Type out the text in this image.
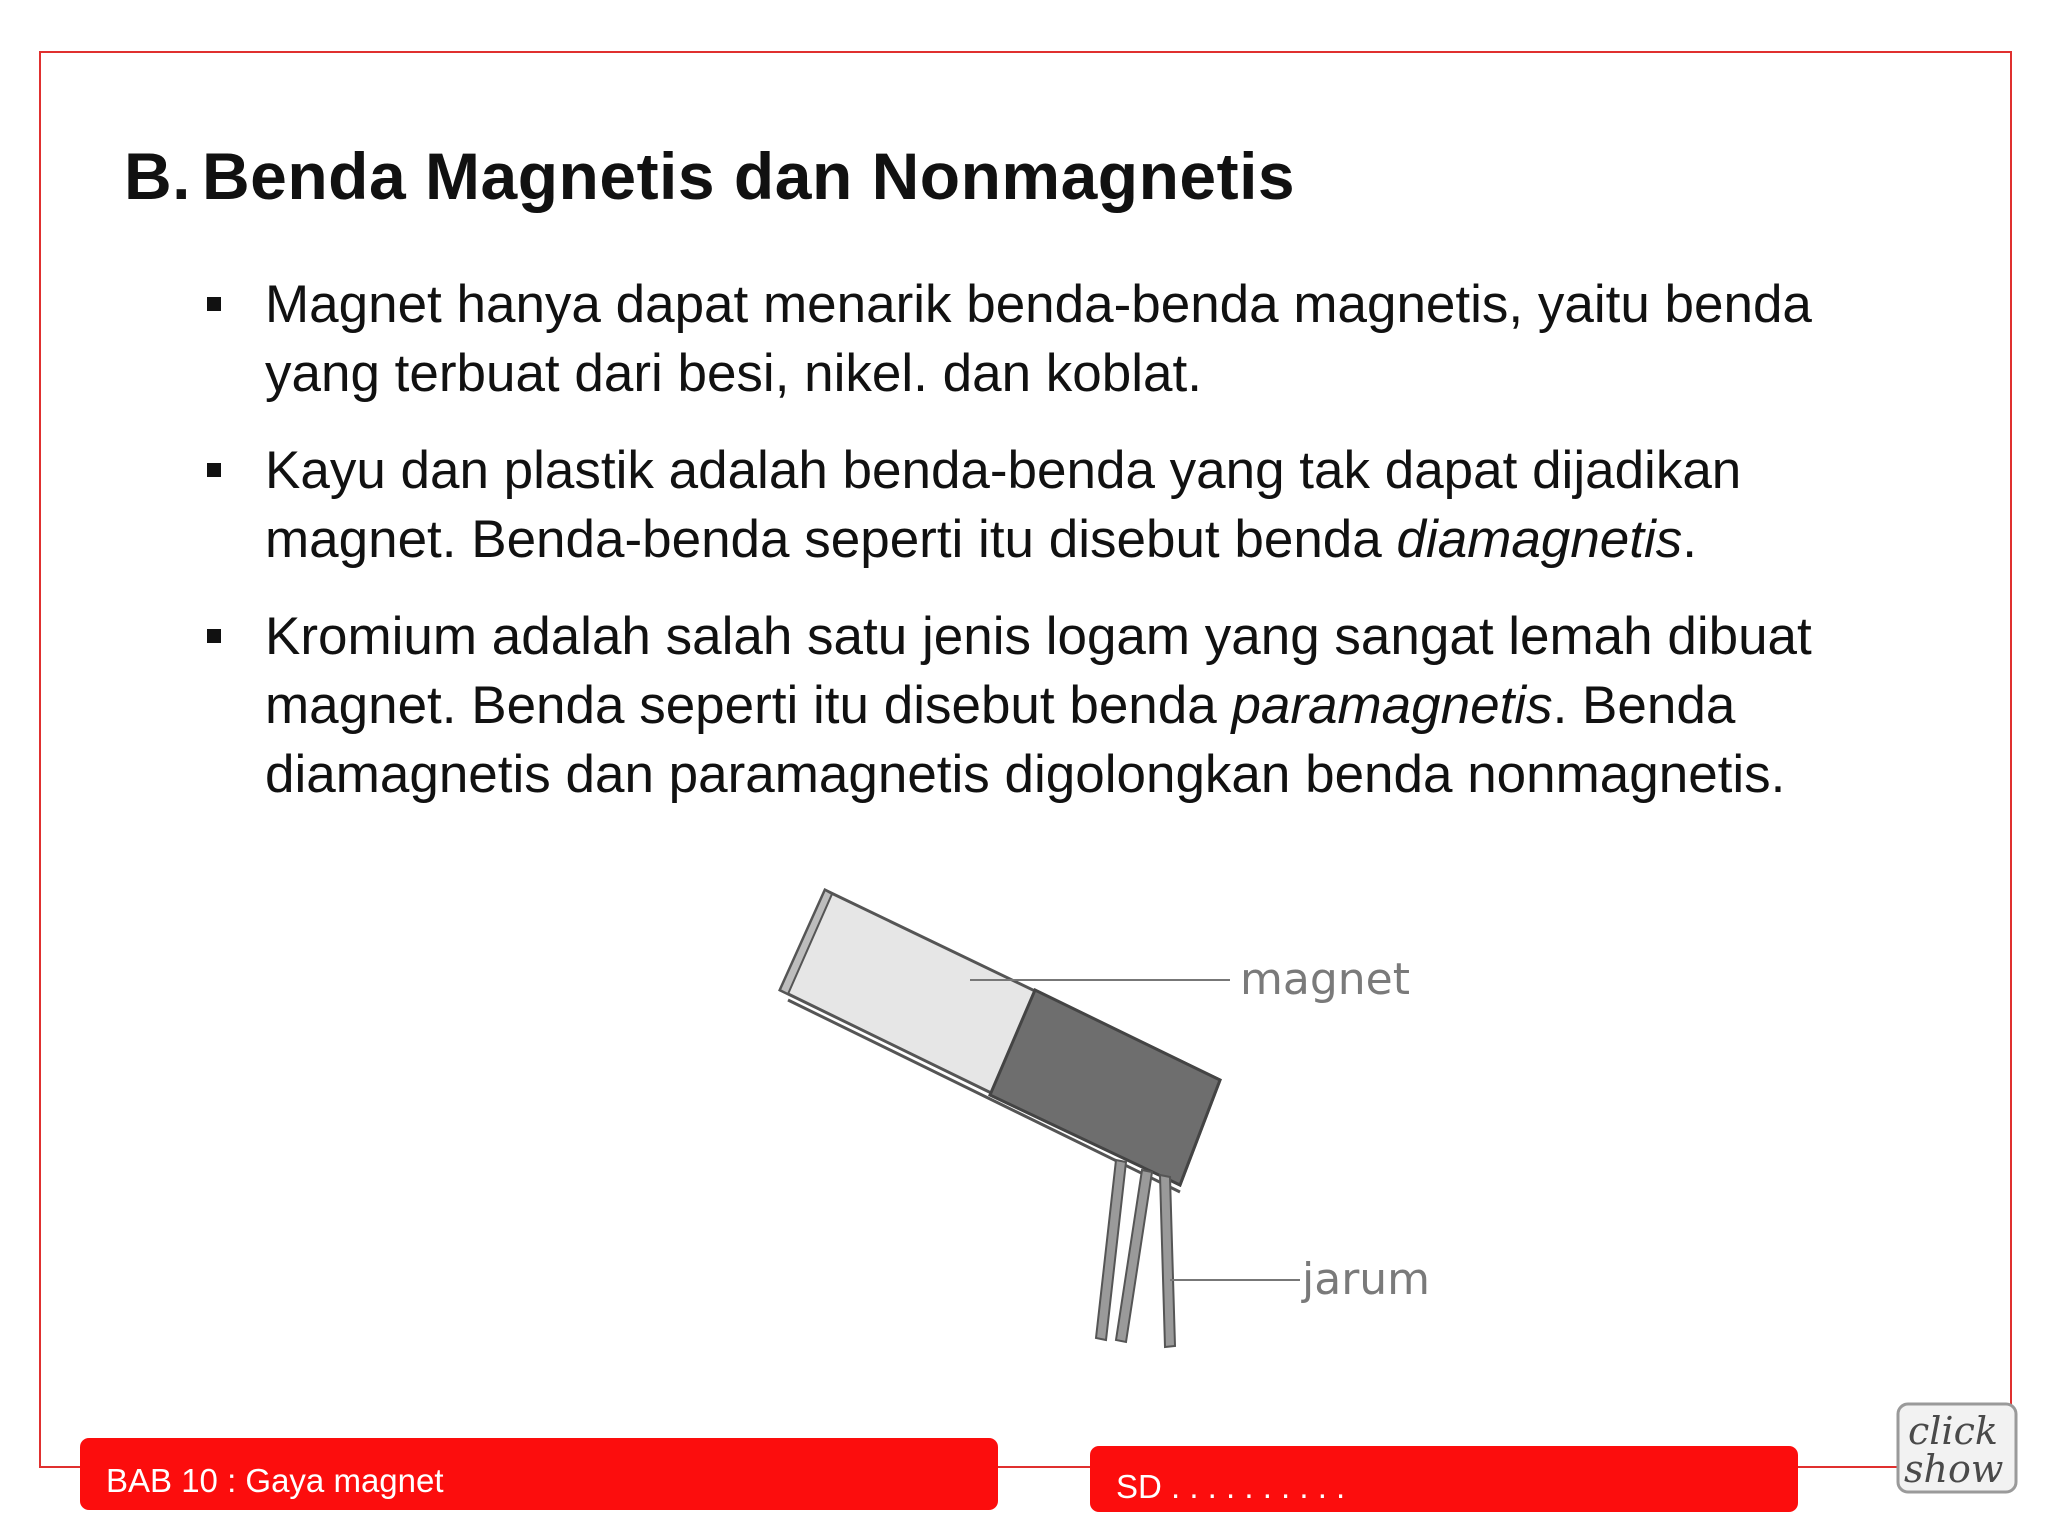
B. Benda Magnetis dan Nonmagnetis
Magnet hanya dapat menarik benda-benda magnetis, yaitu benda yang terbuat dari besi, nikel. dan koblat.
Kayu dan plastik adalah benda-benda yang tak dapat dijadikan magnet. Benda-benda seperti itu disebut benda diamagnetis.
Kromium adalah salah satu jenis logam yang sangat lemah dibuat magnet. Benda seperti itu disebut benda paramagnetis. Benda diamagnetis dan paramagnetis digolongkan benda nonmagnetis.
magnet
jarum
BAB 10 : Gaya magnet	SD . . . . . . . . . .
click
show
